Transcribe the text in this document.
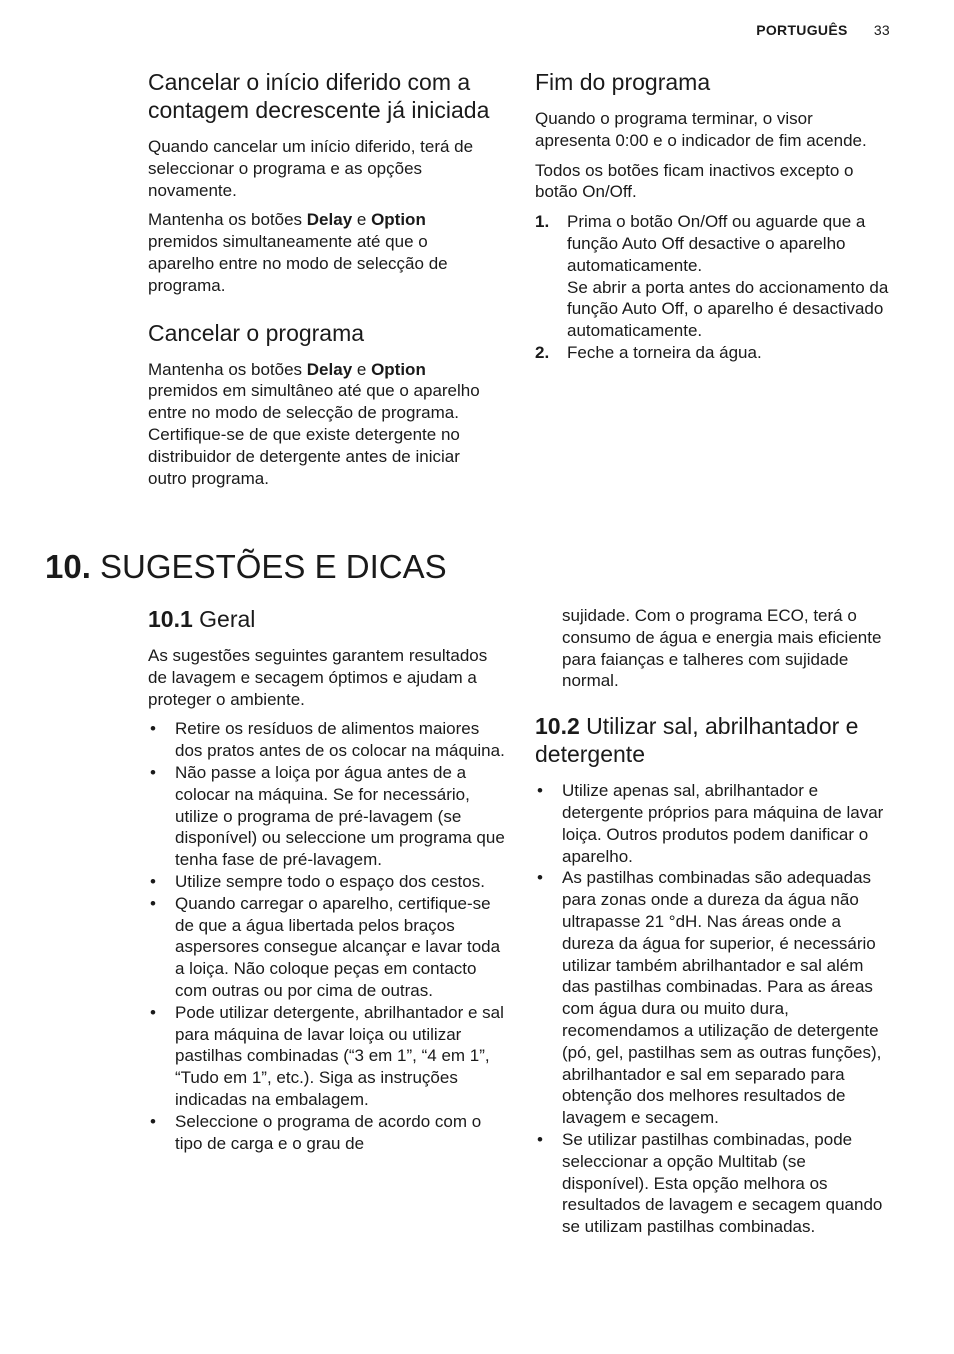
PORTUGUÊS 33
Cancelar o início diferido com a contagem decrescente já iniciada

Quando cancelar um início diferido, terá de seleccionar o programa e as opções novamente.

Mantenha os botões Delay e Option premidos simultaneamente até que o aparelho entre no modo de selecção de programa.

Cancelar o programa

Mantenha os botões Delay e Option premidos em simultâneo até que o aparelho entre no modo de selecção de programa.
Certifique-se de que existe detergente no distribuidor de detergente antes de iniciar outro programa.

Fim do programa

Quando o programa terminar, o visor apresenta 0:00 e o indicador de fim acende.

Todos os botões ficam inactivos excepto o botão On/Off.

1. Prima o botão On/Off ou aguarde que a função Auto Off desactive o aparelho automaticamente.
Se abrir a porta antes do accionamento da função Auto Off, o aparelho é desactivado automaticamente.
2. Feche a torneira da água.
10. SUGESTÕES E DICAS
10.1 Geral

As sugestões seguintes garantem resultados de lavagem e secagem óptimos e ajudam a proteger o ambiente.

• Retire os resíduos de alimentos maiores dos pratos antes de os colocar na máquina.
• Não passe a loiça por água antes de a colocar na máquina. Se for necessário, utilize o programa de pré-lavagem (se disponível) ou seleccione um programa que tenha fase de pré-lavagem.
• Utilize sempre todo o espaço dos cestos.
• Quando carregar o aparelho, certifique-se de que a água libertada pelos braços aspersores consegue alcançar e lavar toda a loiça. Não coloque peças em contacto com outras ou por cima de outras.
• Pode utilizar detergente, abrilhantador e sal para máquina de lavar loiça ou utilizar pastilhas combinadas (“3 em 1”, “4 em 1”, “Tudo em 1”, etc.). Siga as instruções indicadas na embalagem.
• Seleccione o programa de acordo com o tipo de carga e o grau de

sujidade. Com o programa ECO, terá o consumo de água e energia mais eficiente para faianças e talheres com sujidade normal.

10.2 Utilizar sal, abrilhantador e detergente
• Utilize apenas sal, abrilhantador e detergente próprios para máquina de lavar loiça. Outros produtos podem danificar o aparelho.
• As pastilhas combinadas são adequadas para zonas onde a dureza da água não ultrapasse 21 °dH. Nas áreas onde a dureza da água for superior, é necessário utilizar também abrilhantador e sal além das pastilhas combinadas. Para as áreas com água dura ou muito dura, recomendamos a utilização de detergente (pó, gel, pastilhas sem as outras funções), abrilhantador e sal em separado para obtenção dos melhores resultados de lavagem e secagem.
• Se utilizar pastilhas combinadas, pode seleccionar a opção Multitab (se disponível). Esta opção melhora os resultados de lavagem e secagem quando se utilizam pastilhas combinadas.
